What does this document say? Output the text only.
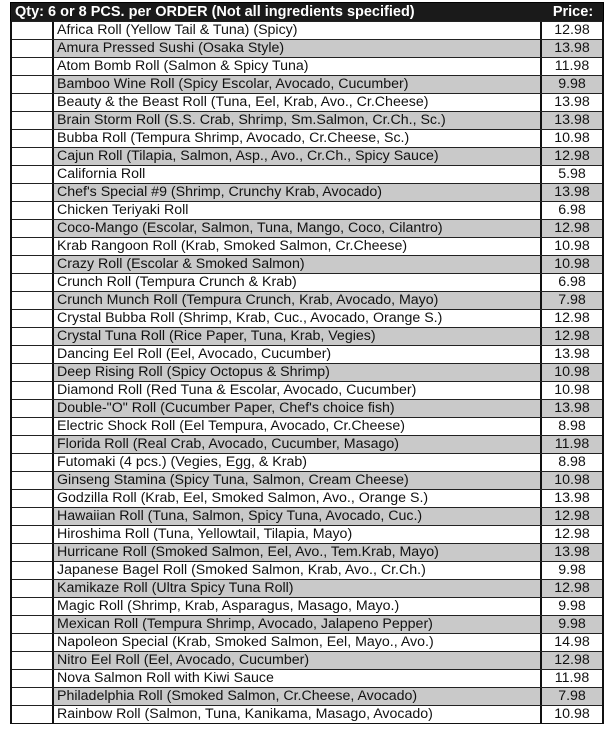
Qty: 6 or 8 PCS. per ORDER (Not all ingredients specified)	Price:
Africa Roll (Yellow Tail & Tuna) (Spicy)	12.98
Amura Pressed Sushi (Osaka Style)	13.98
Atom Bomb Roll (Salmon & Spicy Tuna)	11.98
Bamboo Wine Roll (Spicy Escolar, Avocado, Cucumber)	9.98
Beauty & the Beast Roll (Tuna, Eel, Krab, Avo., Cr.Cheese)	13.98
Brain Storm Roll (S.S. Crab, Shrimp, Sm.Salmon, Cr.Ch., Sc.)	13.98
Bubba Roll (Tempura Shrimp, Avocado, Cr.Cheese, Sc.)	10.98
Cajun Roll (Tilapia, Salmon, Asp., Avo., Cr.Ch., Spicy Sauce)	12.98
California Roll	5.98
Chef's Special #9 (Shrimp, Crunchy Krab, Avocado)	13.98
Chicken Teriyaki Roll	6.98
Coco-Mango (Escolar, Salmon, Tuna, Mango, Coco, Cilantro)	12.98
Krab Rangoon Roll (Krab, Smoked Salmon, Cr.Cheese)	10.98
Crazy Roll (Escolar & Smoked Salmon)	10.98
Crunch Roll (Tempura Crunch & Krab)	6.98
Crunch Munch Roll (Tempura Crunch, Krab, Avocado, Mayo)	7.98
Crystal Bubba Roll (Shrimp, Krab, Cuc., Avocado, Orange S.)	12.98
Crystal Tuna Roll (Rice Paper, Tuna, Krab, Vegies)	12.98
Dancing Eel Roll (Eel, Avocado, Cucumber)	13.98
Deep Rising Roll (Spicy Octopus & Shrimp)	10.98
Diamond Roll (Red Tuna & Escolar, Avocado, Cucumber)	10.98
Double-"O" Roll (Cucumber Paper, Chef's choice fish)	13.98
Electric Shock Roll (Eel Tempura, Avocado, Cr.Cheese)	8.98
Florida Roll (Real Crab, Avocado, Cucumber, Masago)	11.98
Futomaki (4 pcs.) (Vegies, Egg, & Krab)	8.98
Ginseng Stamina (Spicy Tuna, Salmon, Cream Cheese)	10.98
Godzilla Roll (Krab, Eel, Smoked Salmon, Avo., Orange S.)	13.98
Hawaiian Roll (Tuna, Salmon, Spicy Tuna, Avocado, Cuc.)	12.98
Hiroshima Roll (Tuna, Yellowtail, Tilapia, Mayo)	12.98
Hurricane Roll (Smoked Salmon, Eel, Avo., Tem.Krab, Mayo)	13.98
Japanese Bagel Roll (Smoked Salmon, Krab, Avo., Cr.Ch.)	9.98
Kamikaze Roll (Ultra Spicy Tuna Roll)	12.98
Magic Roll (Shrimp, Krab, Asparagus, Masago, Mayo.)	9.98
Mexican Roll (Tempura Shrimp, Avocado, Jalapeno Pepper)	9.98
Napoleon Special (Krab, Smoked Salmon, Eel, Mayo., Avo.)	14.98
Nitro Eel Roll (Eel, Avocado, Cucumber)	12.98
Nova Salmon Roll with Kiwi Sauce	11.98
Philadelphia Roll (Smoked Salmon, Cr.Cheese, Avocado)	7.98
Rainbow Roll (Salmon, Tuna, Kanikama, Masago, Avocado)	10.98
